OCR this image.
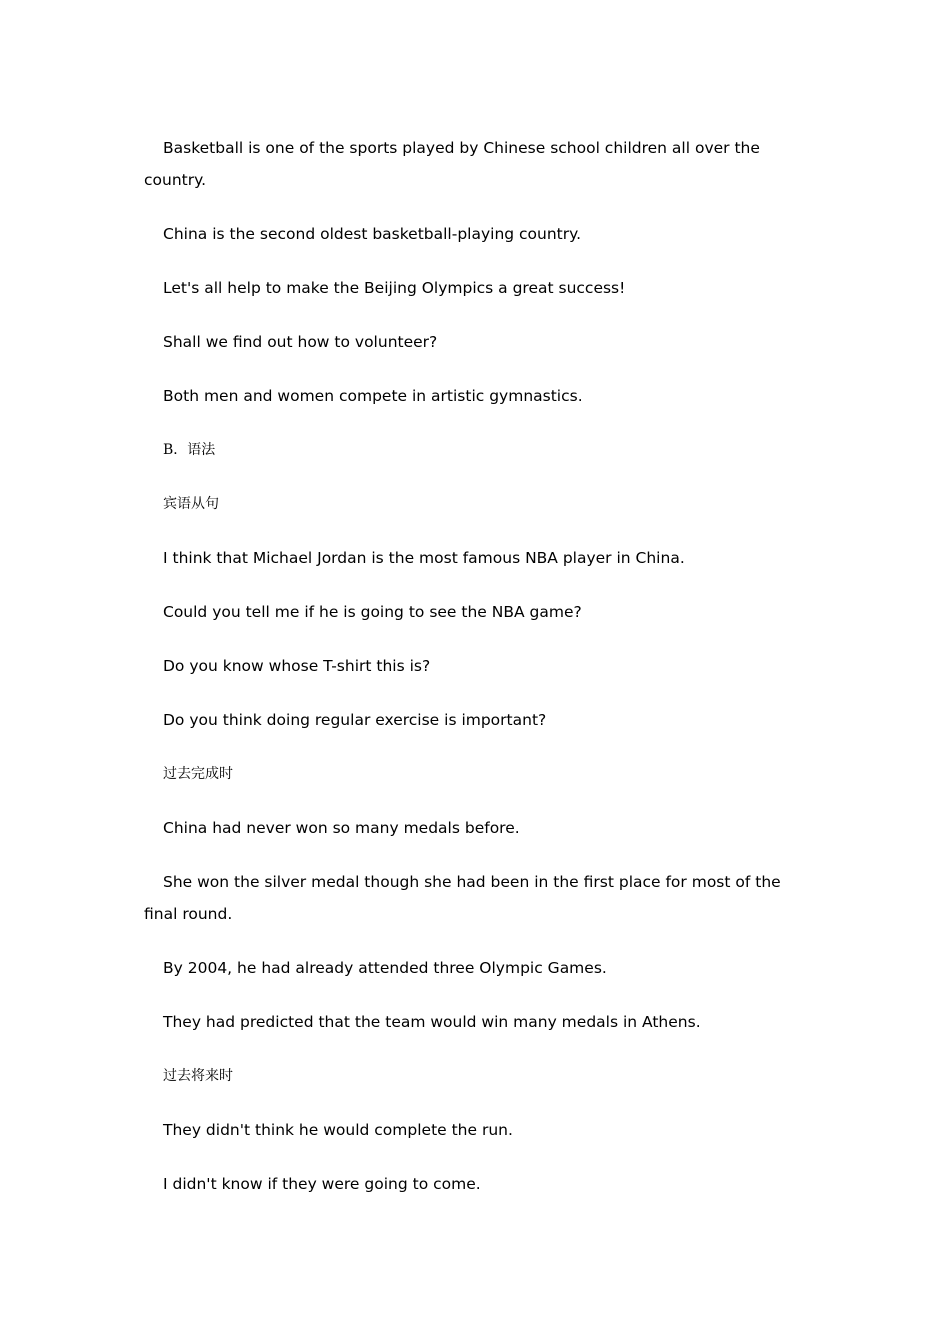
Basketball is one of the sports played by Chinese school children all over the country.

China is the second oldest basketball-playing country.

Let's all help to make the Beijing Olympics a great success!

Shall we find out how to volunteer?

Both men and women compete in artistic gymnastics.

B．语法

宾语从句

I think that Michael Jordan is the most famous NBA player in China.

Could you tell me if he is going to see the NBA game?

Do you know whose T-shirt this is?

Do you think doing regular exercise is important?

过去完成时

China had never won so many medals before.

She won the silver medal though she had been in the first place for most of the final round.

By 2004, he had already attended three Olympic Games.

They had predicted that the team would win many medals in Athens.

过去将来时

They didn't think he would complete the run.

I didn't know if they were going to come.
